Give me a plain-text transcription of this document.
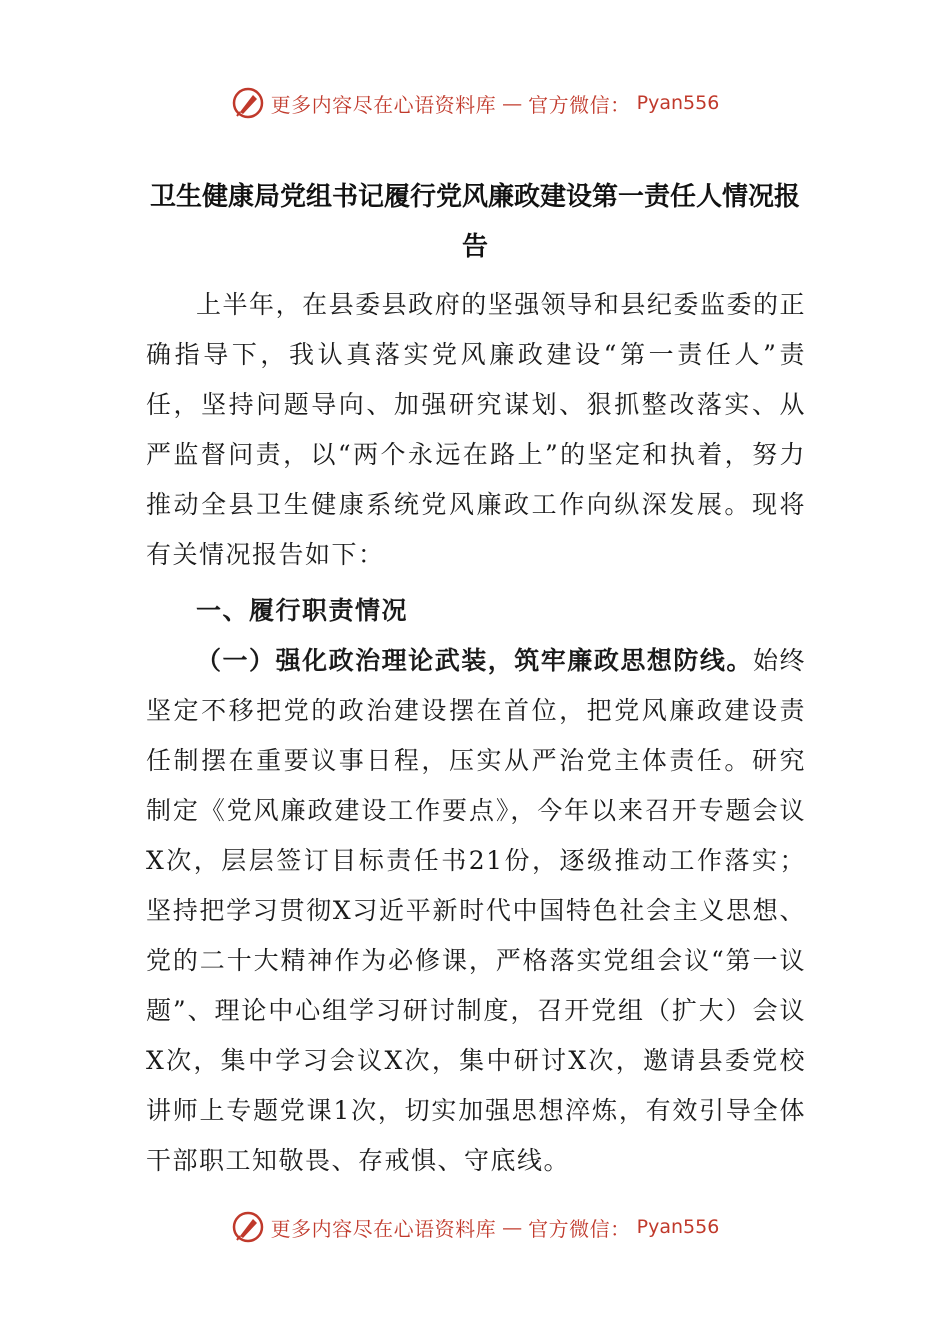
更多内容尽在心语资料库 — 官方微信： Pyan556
卫生健康局党组书记履行党风廉政建设第一责任人情况报告

上半年，在县委县政府的坚强领导和县纪委监委的正确指导下，我认真落实党风廉政建设“第一责任人”责任，坚持问题导向、加强研究谋划、狠抓整改落实、从严监督问责，以“两个永远在路上”的坚定和执着，努力推动全县卫生健康系统党风廉政工作向纵深发展。现将有关情况报告如下：

一、履行职责情况

（一）强化政治理论武装，筑牢廉政思想防线。始终坚定不移把党的政治建设摆在首位，把党风廉政建设责任制摆在重要议事日程，压实从严治党主体责任。研究制定《党风廉政建设工作要点》，今年以来召开专题会议X次，层层签订目标责任书21份，逐级推动工作落实；坚持把学习贯彻X习近平新时代中国特色社会主义思想、党的二十大精神作为必修课，严格落实党组会议“第一议题”、理论中心组学习研讨制度，召开党组（扩大）会议X次，集中学习会议X次，集中研讨X次，邀请县委党校讲师上专题党课1次，切实加强思想淬炼，有效引导全体干部职工知敬畏、存戒惧、守底线。

更多内容尽在心语资料库 — 官方微信： Pyan556
